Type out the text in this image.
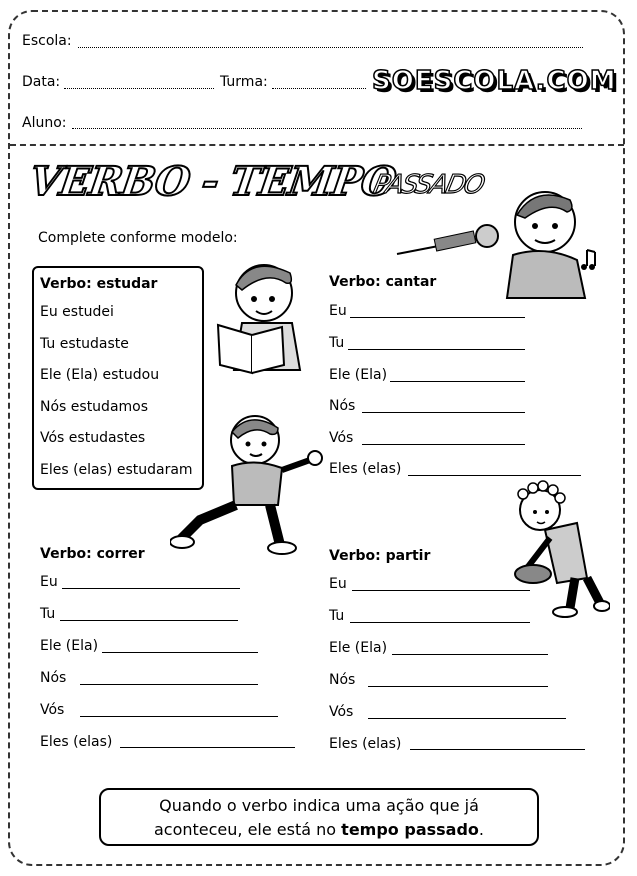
Escola:
Data:	Turma:	SOESCOLA.COM
Aluno:
VERBO - TEMPO
PASSADO
Complete conforme modelo:
Verbo: estudar
Eu estudei
Tu estudaste
Ele (Ela) estudou
Nós estudamos
Vós estudastes
Eles (elas) estudaram
Verbo: cantar
Eu
Tu
Ele (Ela)
Nós
Vós
Eles (elas)
Verbo: correr
Eu
Tu
Ele (Ela)
Nós
Vós
Eles (elas)
Verbo: partir
Eu
Tu
Ele (Ela)
Nós
Vós
Eles (elas)
Quando o verbo indica uma ação que já
aconteceu, ele está no tempo passado.
